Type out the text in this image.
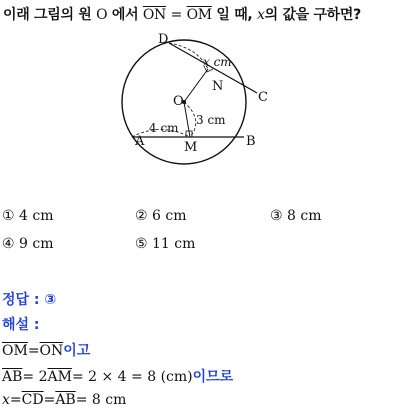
이래 그림의 원 O 에서 $\overline{ON} = \overline{OM}$ 일 때, x의 값을 구하면?
D
C
A	B
O
N
M
x cm
4 cm
3 cm
① 4 cm	② 6 cm	③ 8 cm
④ 9 cm	⑤ 11 cm
정답 : ③
해설 :
$\overline{OM}=\overline{ON}$이고
$\overline{AB}= 2\overline{AM}= 2 \times 4 = 8$ (cm)이므로
$x=\overline{CD}=\overline{AB}= 8$ cm
